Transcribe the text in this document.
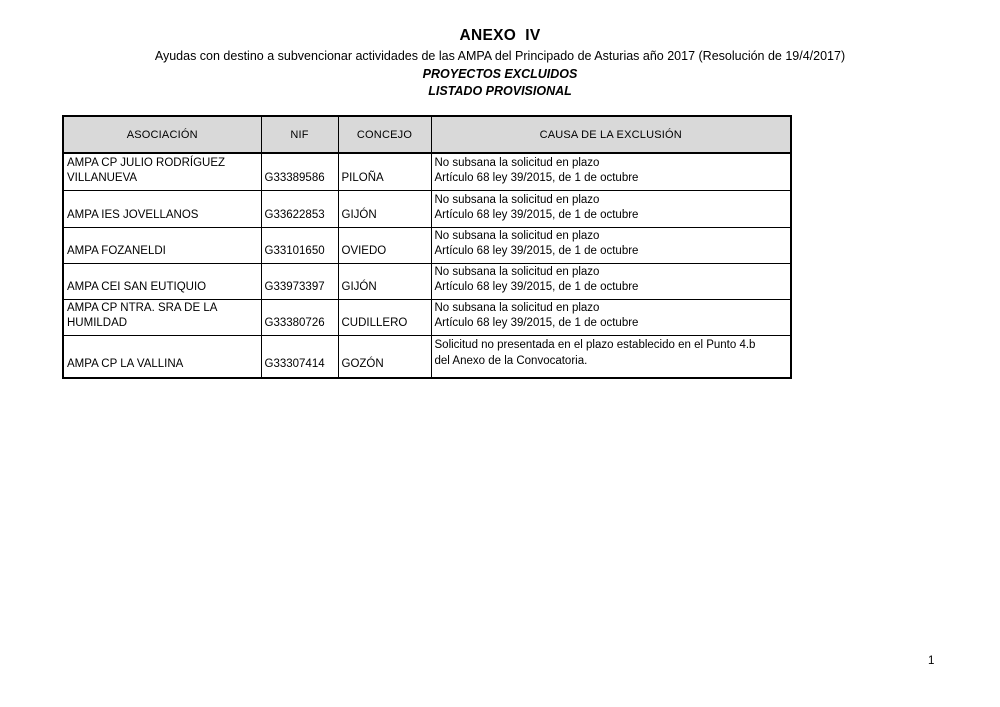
ANEXO  IV
Ayudas con destino a subvencionar actividades de las AMPA del Principado de Asturias año 2017 (Resolución de 19/4/2017)
PROYECTOS EXCLUIDOS
LISTADO PROVISIONAL
ASOCIACIÓN	NIF	CONCEJO	CAUSA DE LA EXCLUSIÓN
AMPA CP JULIO RODRÍGUEZ VILLANUEVA	G33389586	PILOÑA	No subsana la solicitud en plazo
Artículo 68 ley 39/2015, de 1 de octubre

AMPA IES JOVELLANOS	G33622853	GIJÓN	No subsana la solicitud en plazo
Artículo 68 ley 39/2015, de 1 de octubre

AMPA FOZANELDI	G33101650	OVIEDO	No subsana la solicitud en plazo
Artículo 68 ley 39/2015, de 1 de octubre

AMPA CEI SAN EUTIQUIO	G33973397	GIJÓN	No subsana la solicitud en plazo
Artículo 68 ley 39/2015, de 1 de octubre

AMPA CP NTRA. SRA DE LA HUMILDAD	G33380726	CUDILLERO	No subsana la solicitud en plazo
Artículo 68 ley 39/2015, de 1 de octubre

AMPA CP LA VALLINA	G33307414	GOZÓN	Solicitud no presentada en el plazo establecido en el Punto 4.b
del Anexo de la Convocatoria.
1
